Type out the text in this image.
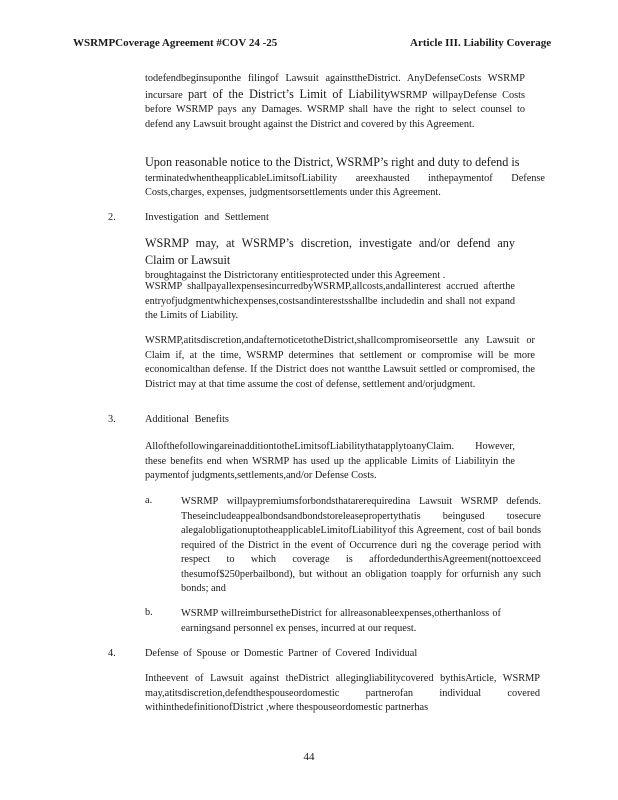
WSRMPCoverage Agreement #COV 24 -25	Article III. Liability Coverage
todefendbeginsuponthe filingof Lawsuit againsttheDistrict. AnyDefenseCosts WSRMP incursare part of the District’s Limit of LiabilityWSRMP willpayDefense Costs before WSRMP pays any Damages. WSRMP shall have the right to select counsel to defend any Lawsuit brought against the District and covered by this Agreement.
Upon reasonable notice to the District, WSRMP’s right and duty to defend is
terminatedwhentheapplicableLimitsofLiability areexhausted inthepaymentof Defense Costs,charges, expenses, judgmentsorsettlements under this Agreement.
2.	Investigation and Settlement
WSRMP may, at WSRMP’s discretion, investigate and/or defend any Claim or Lawsuit
broughtagainst the Districtorany entitiesprotected under this Agreement .
WSRMP shallpayallexpensesincurredbyWSRMP,allcosts,andallinterest accrued afterthe entryofjudgmentwhichexpenses,costsandinterestsshallbe includedin and shall not expand the Limits of Liability.
WSRMP,atitsdiscretion,andafternoticetotheDistrict,shallcompromiseorsettle any Lawsuit or Claim if, at the time, WSRMP determines that settlement or compromise will be more economicalthan defense. If the District does not wantthe Lawsuit settled or compromised, the District may at that time assume the cost of defense, settlement and/orjudgment.
3.	Additional Benefits
AllofthefollowingareinadditiontotheLimitsofLiabilitythatapplytoanyClaim. However, these benefits end when WSRMP has used up the applicable Limits of Liabilityin the paymentof judgments,settlements,and/or Defense Costs.
a.	WSRMP willpaypremiumsforbondsthatarerequiredina Lawsuit WSRMP defends. Theseincludeappealbondsandbondstoreleasepropertythatis beingused tosecure alegalobligationuptotheapplicableLimitofLiabilityof this Agreement, cost of bail bonds required of the District in the event of Occurrence duri ng the coverage period with respect to which coverage is affordedunderthisAgreement(nottoexceed thesumof$250perbailbond), but without an obligation toapply for orfurnish any such bonds; and
b.	WSRMP willreimbursetheDistrict for allreasonableexpenses,otherthanloss of earningsand personnel ex penses, incurred at our request.
4.	Defense of Spouse or Domestic Partner of Covered Individual
Intheevent of Lawsuit against theDistrict allegingliabilitycovered bythisArticle, WSRMP may,atitsdiscretion,defendthespouseordomestic partnerofan individual covered withinthedefinitionofDistrict ,where thespouseordomestic partnerhas
44
